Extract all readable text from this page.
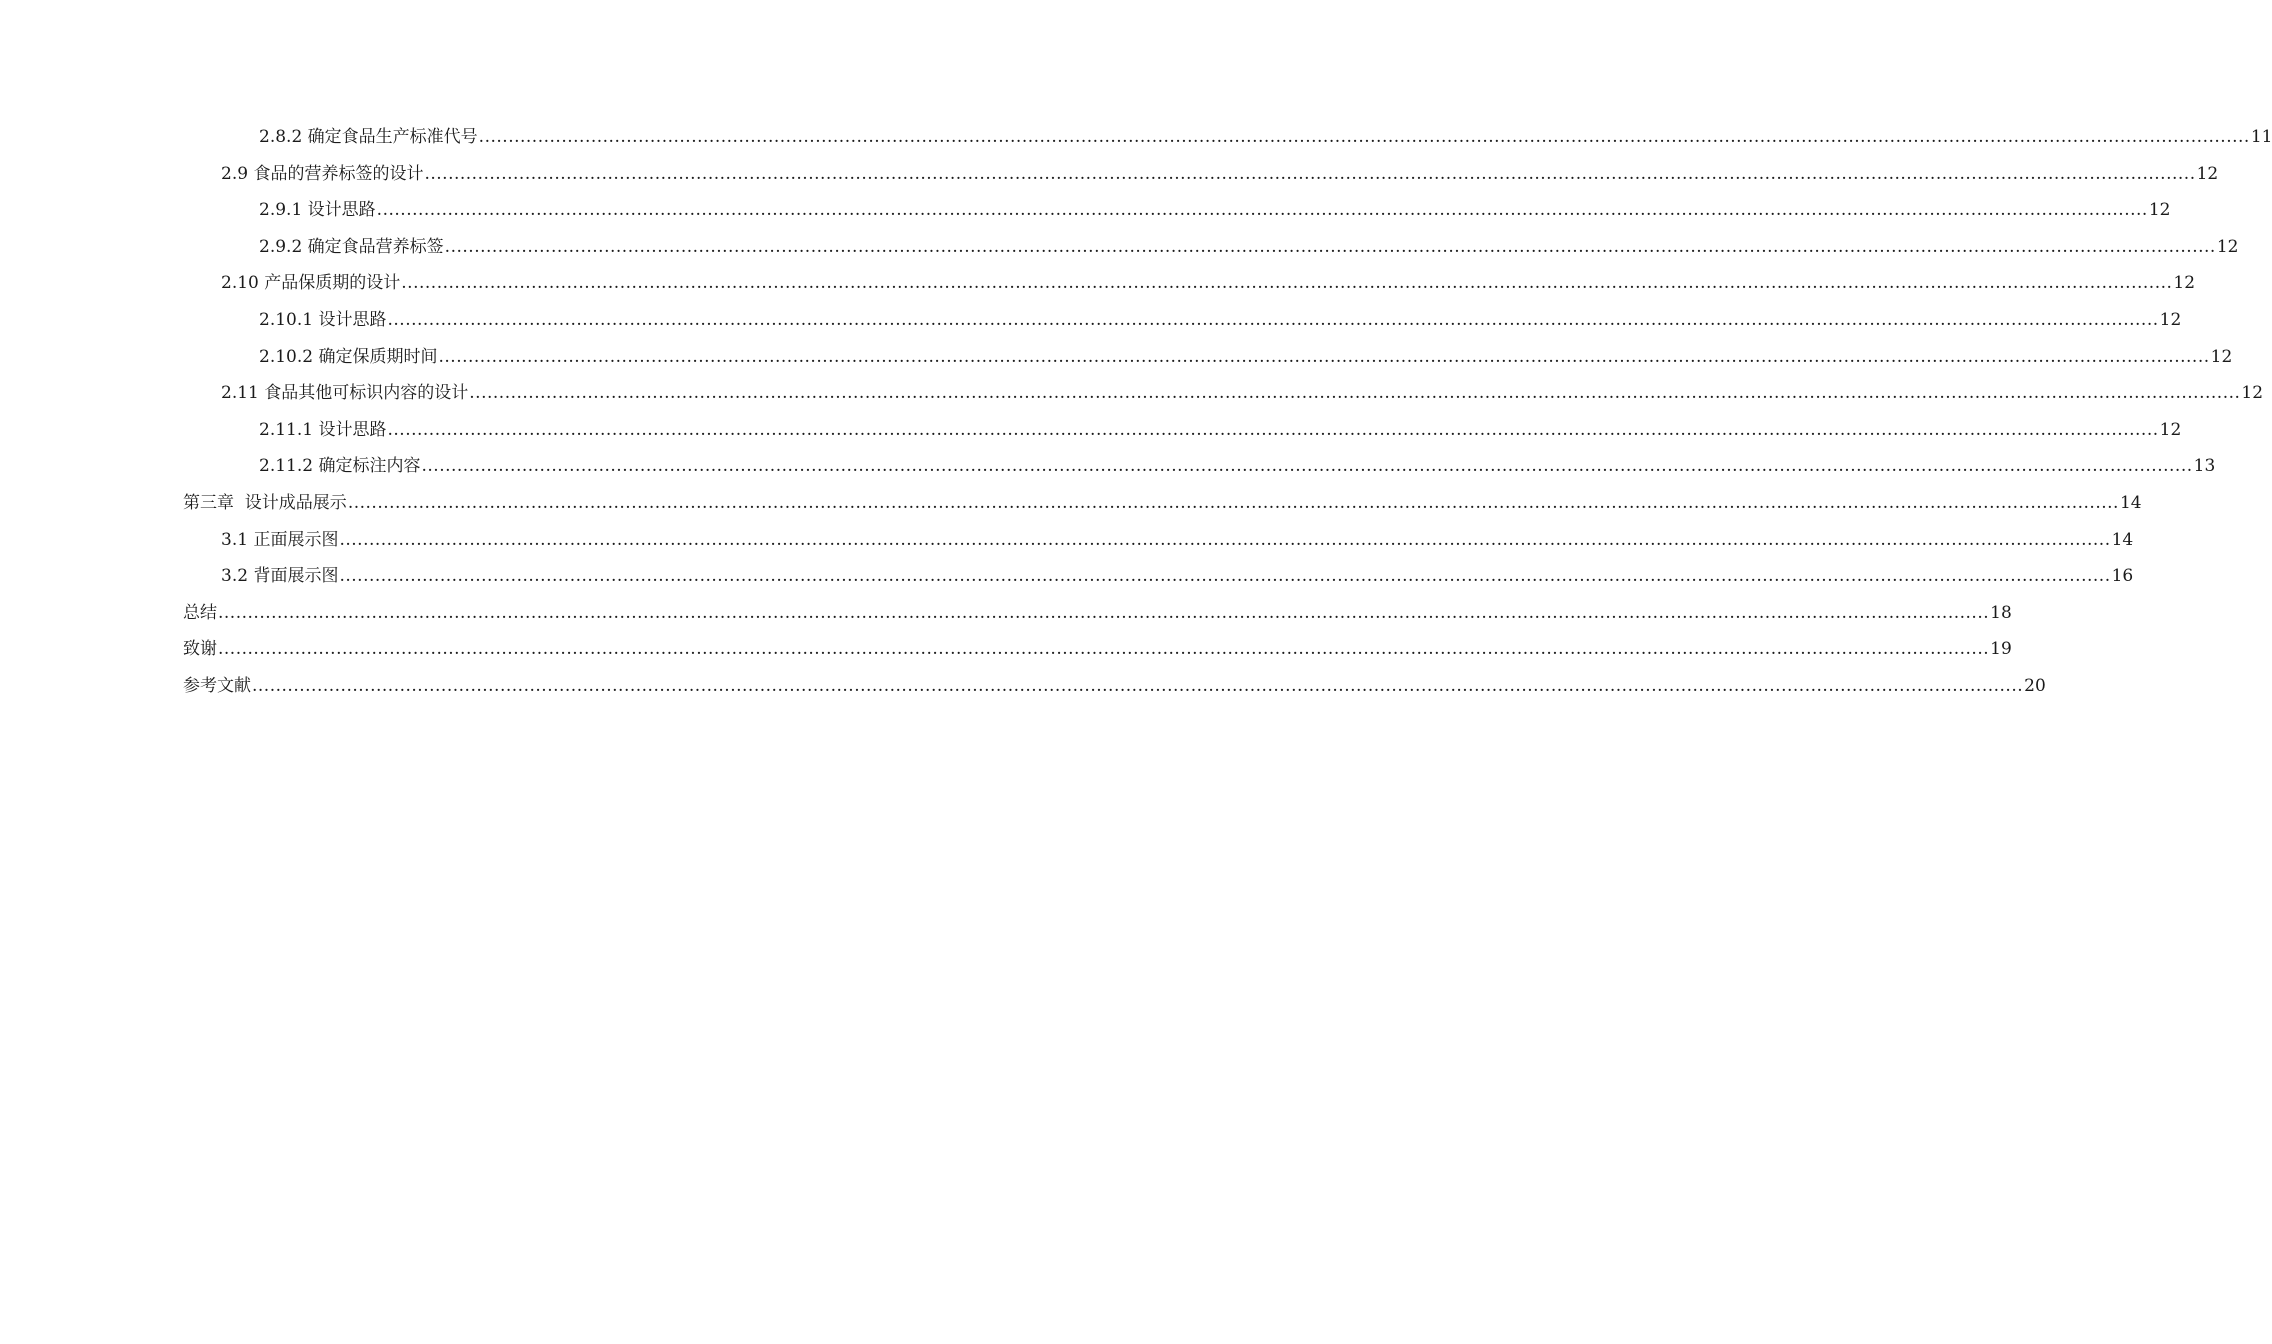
2.8.2 确定食品生产标准代号 ............................................................................................................................................................................................................................................................................................................ 11
2.9 食品的营养标签的设计 ............................................................................................................................................................................................................................................................................................................ 12
2.9.1 设计思路 ............................................................................................................................................................................................................................................................................................................ 12
2.9.2 确定食品营养标签 ............................................................................................................................................................................................................................................................................................................ 12
2.10 产品保质期的设计 ............................................................................................................................................................................................................................................................................................................ 12
2.10.1 设计思路 ............................................................................................................................................................................................................................................................................................................ 12
2.10.2 确定保质期时间 ............................................................................................................................................................................................................................................................................................................ 12
2.11 食品其他可标识内容的设计 ............................................................................................................................................................................................................................................................................................................ 12
2.11.1 设计思路 ............................................................................................................................................................................................................................................................................................................ 12
2.11.2 确定标注内容 ............................................................................................................................................................................................................................................................................................................ 13
第三章  设计成品展示 ............................................................................................................................................................................................................................................................................................................ 14
3.1 正面展示图 ............................................................................................................................................................................................................................................................................................................ 14
3.2 背面展示图 ............................................................................................................................................................................................................................................................................................................ 16
总结 ............................................................................................................................................................................................................................................................................................................ 18
致谢 ............................................................................................................................................................................................................................................................................................................ 19
参考文献 ............................................................................................................................................................................................................................................................................................................ 20
